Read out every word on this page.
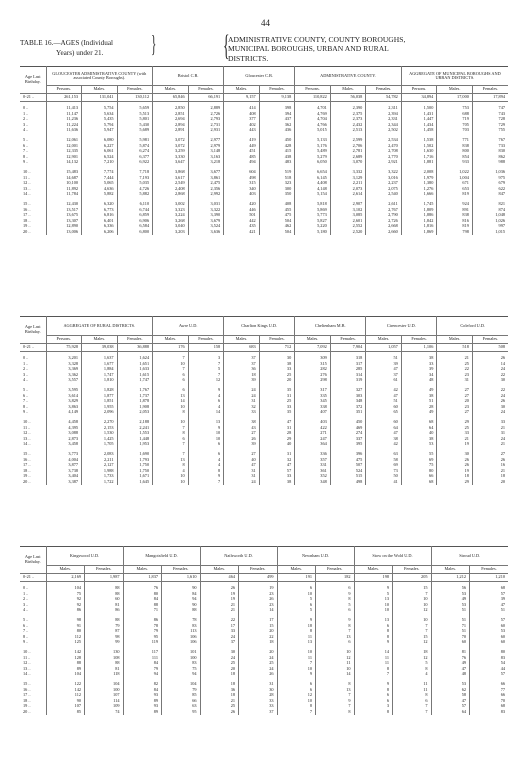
44
TABLE 16.—AGES (Individual
Years) under 21.	} {
ADMINISTRATIVE COUNTY, COUNTY BOROUGHS,
MUNICIPAL BOROUGHS, URBAN AND RURAL
DISTRICTS.
Age Last Birthday.	GLOUCESTER ADMINISTRATIVE COUNTY (with associated County Boroughs).			Bristol C.B.		Gloucester C.B.		ADMINISTRATIVE COUNTY.			AGGREGATE OF MUNICIPAL BOROUGHS AND URBAN DISTRICTS.		
	Persons.	Males.	Females.	Males.	Females.	Males.	Females.	Persons.	Males.	Females.	Persons.	Males.	Females.
0-21 ..	261,153	131,041	130,112	65,846	66,191	9,157	9,138	110,822	56,038	54,782	34,894	17,000	17,894

0 ..	11,413	5,754	5,659	2,850	2,889	414	398	4,701	2,390	2,311	1,500	753	747
1 ..	11,147	5,634	5,513	2,851	2,726	408	394	4,769	2,375	2,394	1,431	688	743
2 ..	11,236	5,435	5,801	2,694	2,793	377	437	4,704	2,373	2,331	1,447	719	728
3 ..	11,224	5,794	5,430	2,894	2,731	402	362	4,766	2,432	2,344	1,434	705	729
4 ..	11,636	5,947	5,689	2,891	2,931	443	436	5,015	2,513	2,502	1,458	703	755

5 ..	12,061	6,080	5,981	3,072	2,977	419	450	5,133	2,599	2,534	1,538	771	767
6 ..	12,001	6,227	5,874	3,072	2,979	449	428	5,176	2,706	2,470	1,502	838	733
7 ..	12,335	6,061	6,274	3,259	3,148	451	415	5,489	2,781	2,708	1,630	800	830
8 ..	12,901	6,524	6,377	3,330	3,163	485	438	5,279	2,689	2,770	1,716	854	862
9 ..	14,132	7,210	6,922	3,647	3,218	494	483	6,050	3,070	2,921	1,881	933	988

10 ..	15,483	7,774	7,718	3,868	3,677	604	519	6,654	3,332	3,322	2,008	1,022	1,036
11 ..	14,687	7,444	7,193	3,617	3,861	498	518	6,145	3,129	3,016	1,979	1,004	975
12 ..	10,100	5,065	5,035	2,549	2,475	315	323	4,408	2,211	2,237	1,380	671	679
13 ..	11,892	4,636	4,726	2,408	2,356	340	300	4,148	2,073	2,075	1,276	653	622
14 ..	11,784	5,882	5,882	2,868	2,992	403	350	5,154	2,614	2,540	1,666	819	847

15 ..	12,430	6,320	6,110	3,002	3,031	420	408	5,818	2,907	2,611	1,745	924	821
16 ..	13,517	6,773	6,744	3,323	3,322	446	455	5,869	3,102	2,767	1,809	891	874
17 ..	13,675	6,816	6,859	3,224	3,390	501	475	5,773	3,085	2,790	1,886	838	1,048
18 ..	13,307	6,401	6,906	3,268	3,679	442	504	5,827	2,601	2,726	1,842	816	1,026
19 ..	12,890	6,336	6,584	3,040	3,524	435	462	5,220	2,552	2,668	1,816	819	997
20 ..	13,006	6,206	6,800	3,203	3,636	421	504	5,180	2,520	2,660	1,869	798	1,015
Age Last Birthday.	AGGREGATE OF RURAL DISTRICTS.			Awre U.D.		Charlton Kings U.D.		Cheltenham M.B.		Cirencester U.D.		Coleford U.D.	
	Persons.	Males.	Females.	Males.	Females.	Males.	Females.	Males.	Females.	Males.	Females.	Males.	Females.
0-21 ..	75,928	39,038	36,888	176	158	683	712	7,092	7,904	1,057	1,106	518	508

0 ..	3,201	1,637	1,624	7	3	37	30	309	318	51	38	21	26
1 ..	3,328	1,677	1,651	10	7	37	38	315	317	39	33	25	14
2 ..	3,369	1,884	1,633	7	5	36	33	282	285	47	39	22	24
3 ..	3,362	1,747	1,615	6	7	18	25	276	314	37	34	23	22
4 ..	3,557	1,810	1,747	6	12	39	20	298	319	61	48	31	30

5 ..	3,595	1,828	1,767	6	9	24	35	317	327	42	49	27	22
6 ..	3,614	1,877	1,737	13	4	24	31	335	303	47	38	27	24
7 ..	3,829	1,851	1,878	14	6	31	25	345	348	51	51	20	26
8 ..	3,863	1,955	1,908	10	4	32	33	338	372	60	28	23	30
9 ..	4,149	2,096	2,053	8	14	33	35	407	351	65	49	27	24

10 ..	4,458	2,270	2,188	10	13	38	47	403	450	60	68	29	33
11 ..	4,395	2,153	2,241	7	9	43	31	422	469	64	64	25	21
12 ..	3,088	1,530	1,553	8	10	27	28	271	274	47	40	33	31
13 ..	2,873	1,425	1,448	6	10	26	29	247	337	38	38	21	24
14 ..	3,458	1,705	1,953	7	6	39	40	364	395	42	53	19	21

15 ..	3,773	2,083	1,690	7	6	27	31	336	396	63	55	30	27
16 ..	4,004	2,211	1,793	13	4	40	32	357	475	58	69	26	26
17 ..	3,877	2,127	1,750	8	4	47	47	331	507	69	75	26	16
18 ..	3,738	1,988	1,750	4	8	31	57	361	524	73	80	19	21
19 ..	3,404	1,733	1,671	10	9	31	33	352	515	50	66	18	18
20 ..	3,387	1,722	1,645	10	7	24	38	348	498	41	68	29	20
Age Last Birthday.	Kingswood U.D.		Mangotsfield U.D.		Nailsworth U.D.		Newnham U.D.		Stow on the Wold U.D.		Stroud U.D.	
	Males.	Females.	Males.	Females.	Males.	Females.	Males.	Females.	Males.	Females.	Males.	Females.
0-21 ..	2,169	1,987	1,837	1,610	464	499	191	182	198	205	1,212	1,210

0 ..	104	88	76	90	26	19	6	6	9	15	56	68
1 ..	75	88	80	84	19	23	10	9	5	7	53	57
2 ..	92	60	84	94	19	26	5	8	13	10	49	39
3 ..	92	81	88	90	21	23	6	5	10	10	53	47
4 ..	86	86	71	88	21	14	5	6	10	12	51	51

5 ..	98	88	86	78	22	17	9	9	13	10	51	57
6 ..	91	79	78	83	17	15	18	8	6	7	71	60
7 ..	80	87	79	113	33	20	8	7	8	7	51	53
8 ..	112	98	95	106	24	22	11	13	8	15	70	60
9 ..	125	99	119	106	37	18	13	6	9	12	60	60

10 ..	142	130	117	101	30	20	10	10	14	18	81	80
11 ..	128	108	111	100	24	24	11	12	11	12	76	83
12 ..	88	88	84	83	25	25	7	11	11	5	49	54
13 ..	89	81	79	75	20	24	10	10	8	8	47	44
14 ..	104	118	94	94	18	26	9	14	7	4	48	57

15 ..	122	104	82	104	18	31	6	8	9	11	53	66
16 ..	142	100	84	79	36	30	6	13	8	11	62	77
17 ..	112	107	93	85	18	28	12	7	6	8	58	66
18 ..	90	114	89	66	21	33	10	9	6	6	47	70
19 ..	107	109	93	63	25	33	8	7	3	7	57	68
20 ..	85	74	89	95	26	37	7	8	8	7	64	83
